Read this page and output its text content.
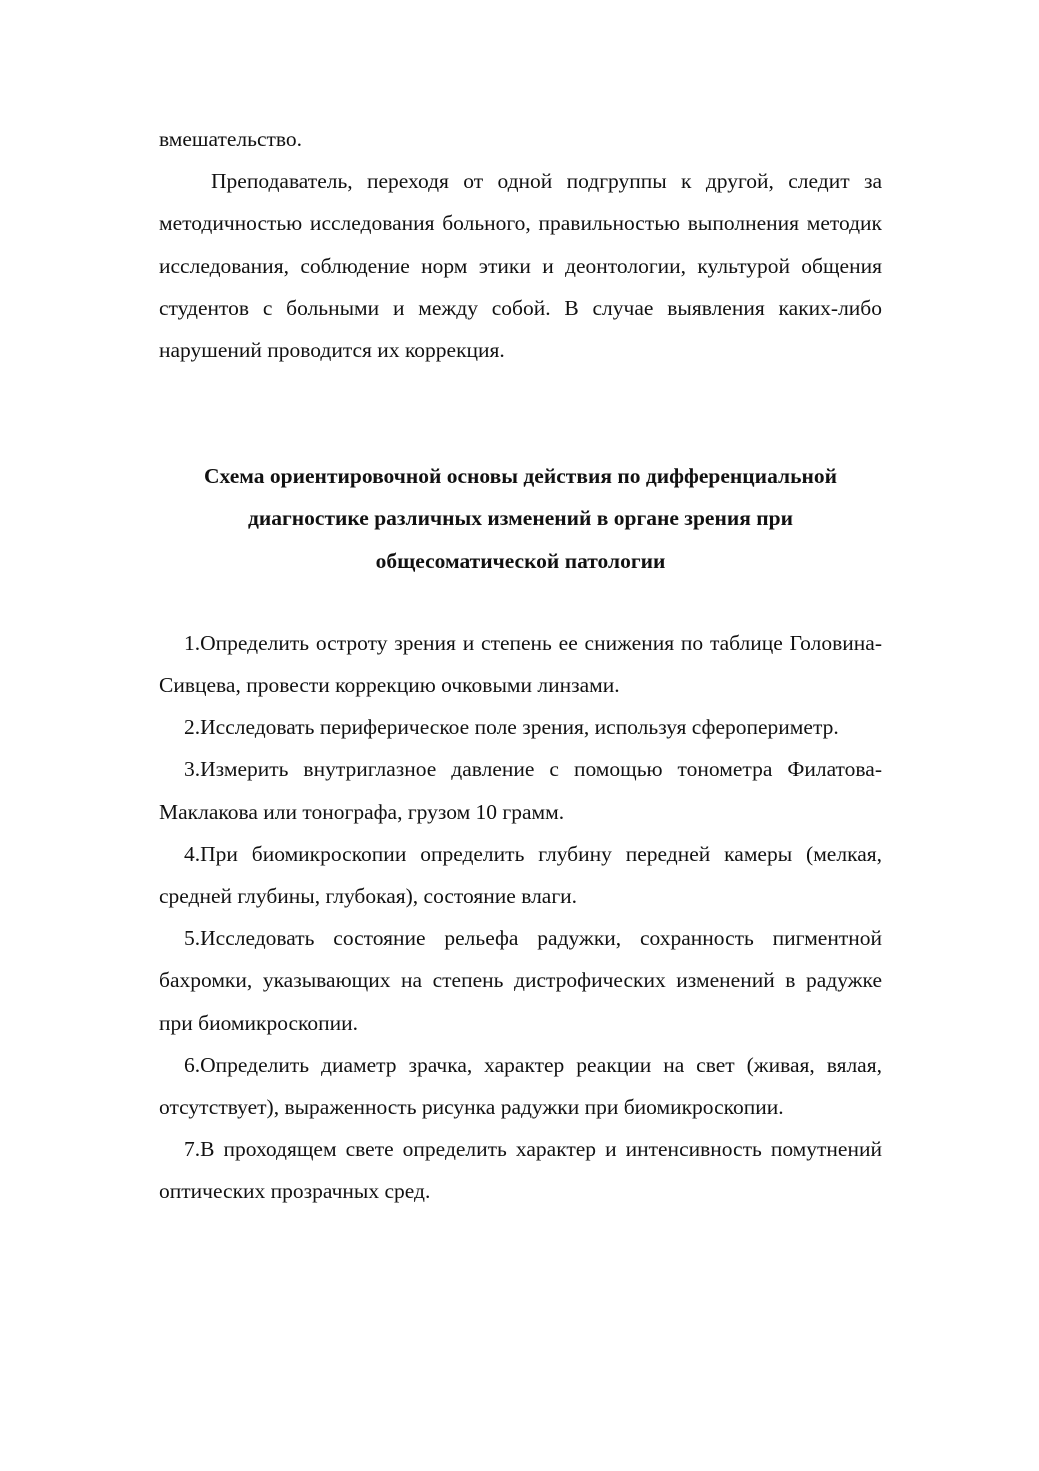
вмешательство.

Преподаватель, переходя от одной подгруппы к другой, следит за методичностью исследования больного, правильностью выполнения методик исследования, соблюдение норм этики и деонтологии, культурой общения студентов с больными и между собой. В случае выявления каких-либо нарушений проводится их коррекция.

Схема ориентировочной основы действия по дифференциальной
диагностике различных изменений в органе зрения при
общесоматической патологии

1.Определить остроту зрения и степень ее снижения по таблице Головина-Сивцева, провести коррекцию очковыми линзами.

2.Исследовать периферическое поле зрения, используя сферопериметр.

3.Измерить внутриглазное давление с помощью тонометра Филатова-Маклакова или тонографа, грузом 10 грамм.

4.При биомикроскопии определить глубину передней камеры (мелкая, средней глубины, глубокая), состояние влаги.

5.Исследовать состояние рельефа радужки, сохранность пигментной бахромки, указывающих на степень дистрофических изменений в радужке при биомикроскопии.

6.Определить диаметр зрачка, характер реакции на свет (живая, вялая, отсутствует), выраженность рисунка радужки при биомикроскопии.

7.В проходящем свете определить характер и интенсивность помутнений оптических прозрачных сред.
